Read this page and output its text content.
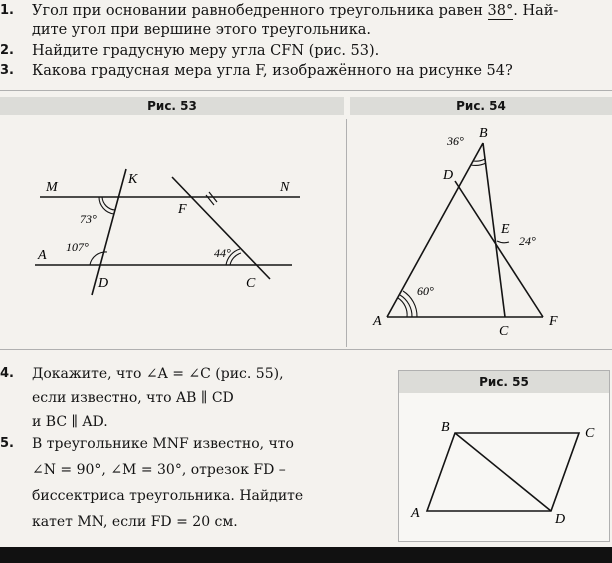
1. Угол при основании равнобедренного треугольника равен 38°. Най-
дите угол при вершине этого треугольника.
2. Найдите градусную меру угла CFN (рис. 53).
3. Какова градусная мера угла F, изображённого на рисунке 54?
Рис. 53	Рис. 54
M
K
N
F
A
D	C
73°
107°	44°
36° B
D
E
24°
60°
A
C
F
4. Докажите, что ∠A = ∠C (рис. 55),
если известно, что AB ∥ CD
и BC ∥ AD.
5. В треугольнике MNF известно, что
∠N = 90°, ∠M = 30°, отрезок FD –
биссектриса треугольника. Найдите
катет MN, если FD = 20 см.
Рис. 55
B	C
A	D
